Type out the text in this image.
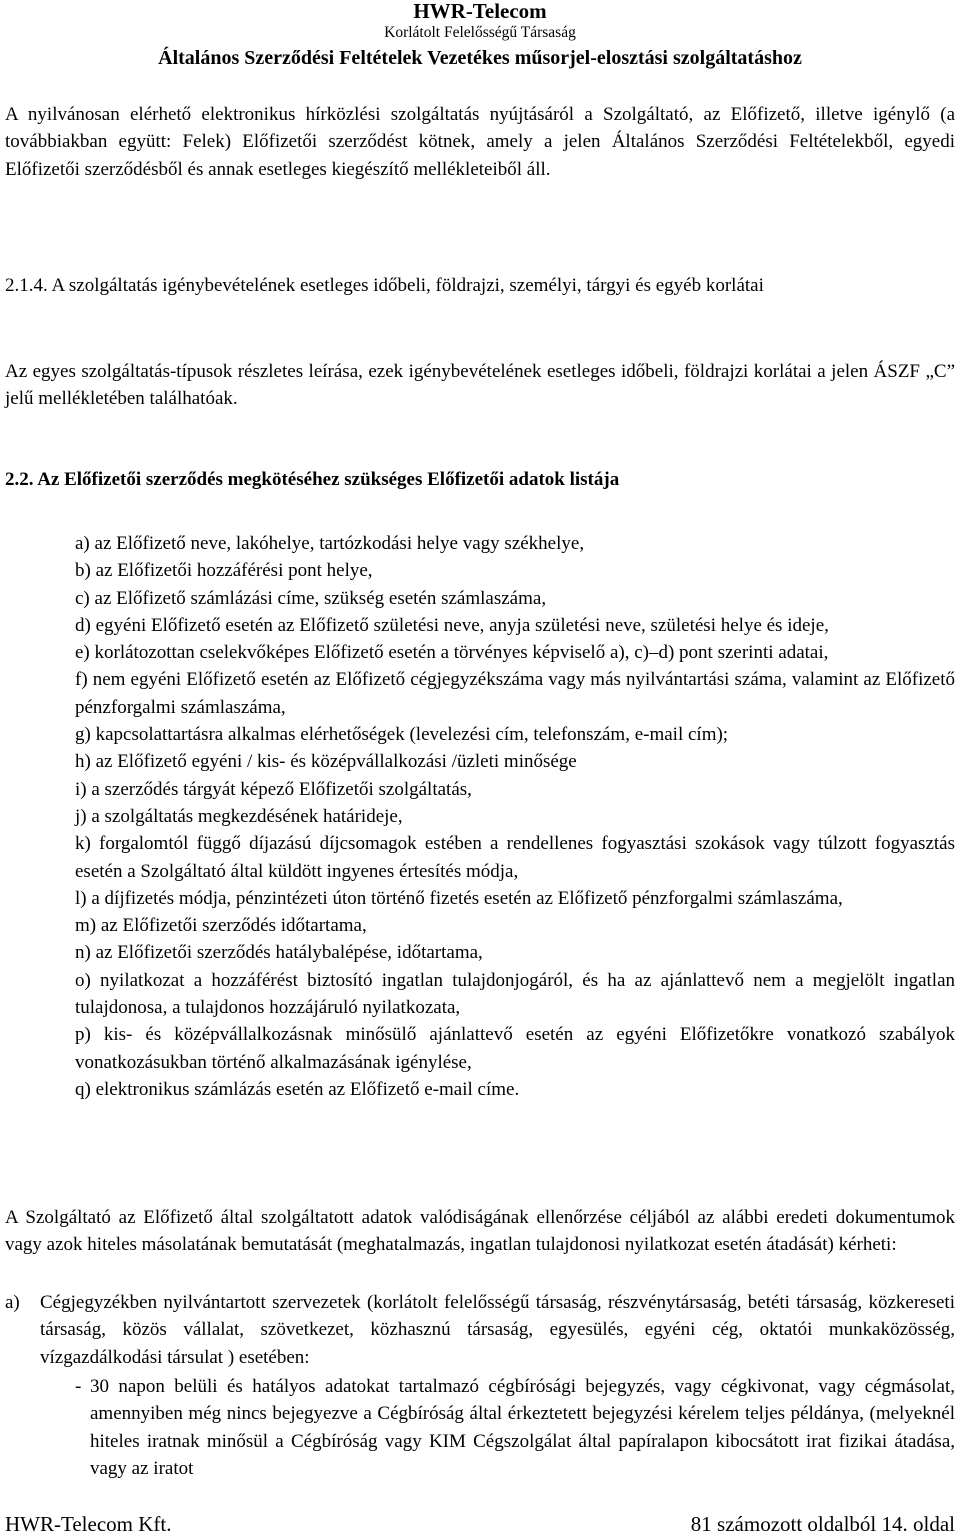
HWR-Telecom
Korlátolt Felelősségű Társaság
Általános Szerződési Feltételek Vezetékes műsorjel-elosztási szolgáltatáshoz

A nyilvánosan elérhető elektronikus hírközlési szolgáltatás nyújtásáról a Szolgáltató, az Előfizető, illetve igénylő (a továbbiakban együtt: Felek) Előfizetői szerződést kötnek, amely a jelen Általános Szerződési Feltételekből, egyedi Előfizetői szerződésből és annak esetleges kiegészítő mellékleteiből áll.

2.1.4. A szolgáltatás igénybevételének esetleges időbeli, földrajzi, személyi, tárgyi és egyéb korlátai

Az egyes szolgáltatás-típusok részletes leírása, ezek igénybevételének esetleges időbeli, földrajzi korlátai a jelen ÁSZF „C” jelű mellékletében találhatóak.

2.2. Az Előfizetői szerződés megkötéséhez szükséges Előfizetői adatok listája

a) az Előfizető neve, lakóhelye, tartózkodási helye vagy székhelye,

b) az Előfizetői hozzáférési pont helye,

c) az Előfizető számlázási címe, szükség esetén számlaszáma,

d) egyéni Előfizető esetén az Előfizető születési neve, anyja születési neve, születési helye és ideje,

e) korlátozottan cselekvőképes Előfizető esetén a törvényes képviselő a), c)–d) pont szerinti adatai,

f) nem egyéni Előfizető esetén az Előfizető cégjegyzékszáma vagy más nyilvántartási száma, valamint az Előfizető pénzforgalmi számlaszáma,

g) kapcsolattartásra alkalmas elérhetőségek (levelezési cím, telefonszám, e-mail cím);

h) az Előfizető egyéni / kis- és középvállalkozási /üzleti minősége

i) a szerződés tárgyát képező Előfizetői szolgáltatás,

j) a szolgáltatás megkezdésének határideje,

k) forgalomtól függő díjazású díjcsomagok estében a rendellenes fogyasztási szokások vagy túlzott fogyasztás esetén a Szolgáltató által küldött ingyenes értesítés módja,

l) a díjfizetés módja, pénzintézeti úton történő fizetés esetén az Előfizető pénzforgalmi számlaszáma,

m) az Előfizetői szerződés időtartama,

n) az Előfizetői szerződés hatálybalépése, időtartama,

o) nyilatkozat a hozzáférést biztosító ingatlan tulajdonjogáról, és ha az ajánlattevő nem a megjelölt ingatlan tulajdonosa, a tulajdonos hozzájáruló nyilatkozata,

p) kis- és középvállalkozásnak minősülő ajánlattevő esetén az egyéni Előfizetőkre vonatkozó szabályok vonatkozásukban történő alkalmazásának igénylése,

q) elektronikus számlázás esetén az Előfizető e-mail címe.

A Szolgáltató az Előfizető által szolgáltatott adatok valódiságának ellenőrzése céljából az alábbi eredeti dokumentumok vagy azok hiteles másolatának bemutatását (meghatalmazás, ingatlan tulajdonosi nyilatkozat esetén átadását) kérheti:

a) Cégjegyzékben nyilvántartott szervezetek (korlátolt felelősségű társaság, részvénytársaság, betéti társaság, közkereseti társaság, közös vállalat, szövetkezet, közhasznú társaság, egyesülés, egyéni cég, oktatói munkaközösség, vízgazdálkodási társulat ) esetében:
- 30 napon belüli és hatályos adatokat tartalmazó cégbírósági bejegyzés, vagy cégkivonat, vagy cégmásolat, amennyiben még nincs bejegyezve a Cégbíróság által érkeztetett bejegyzési kérelem teljes példánya, (melyeknél hiteles iratnak minősül a Cégbíróság vagy KIM Cégszolgálat által papíralapon kibocsátott irat fizikai átadása, vagy az iratot
HWR-Telecom Kft.	81 számozott oldalból 14. oldal
